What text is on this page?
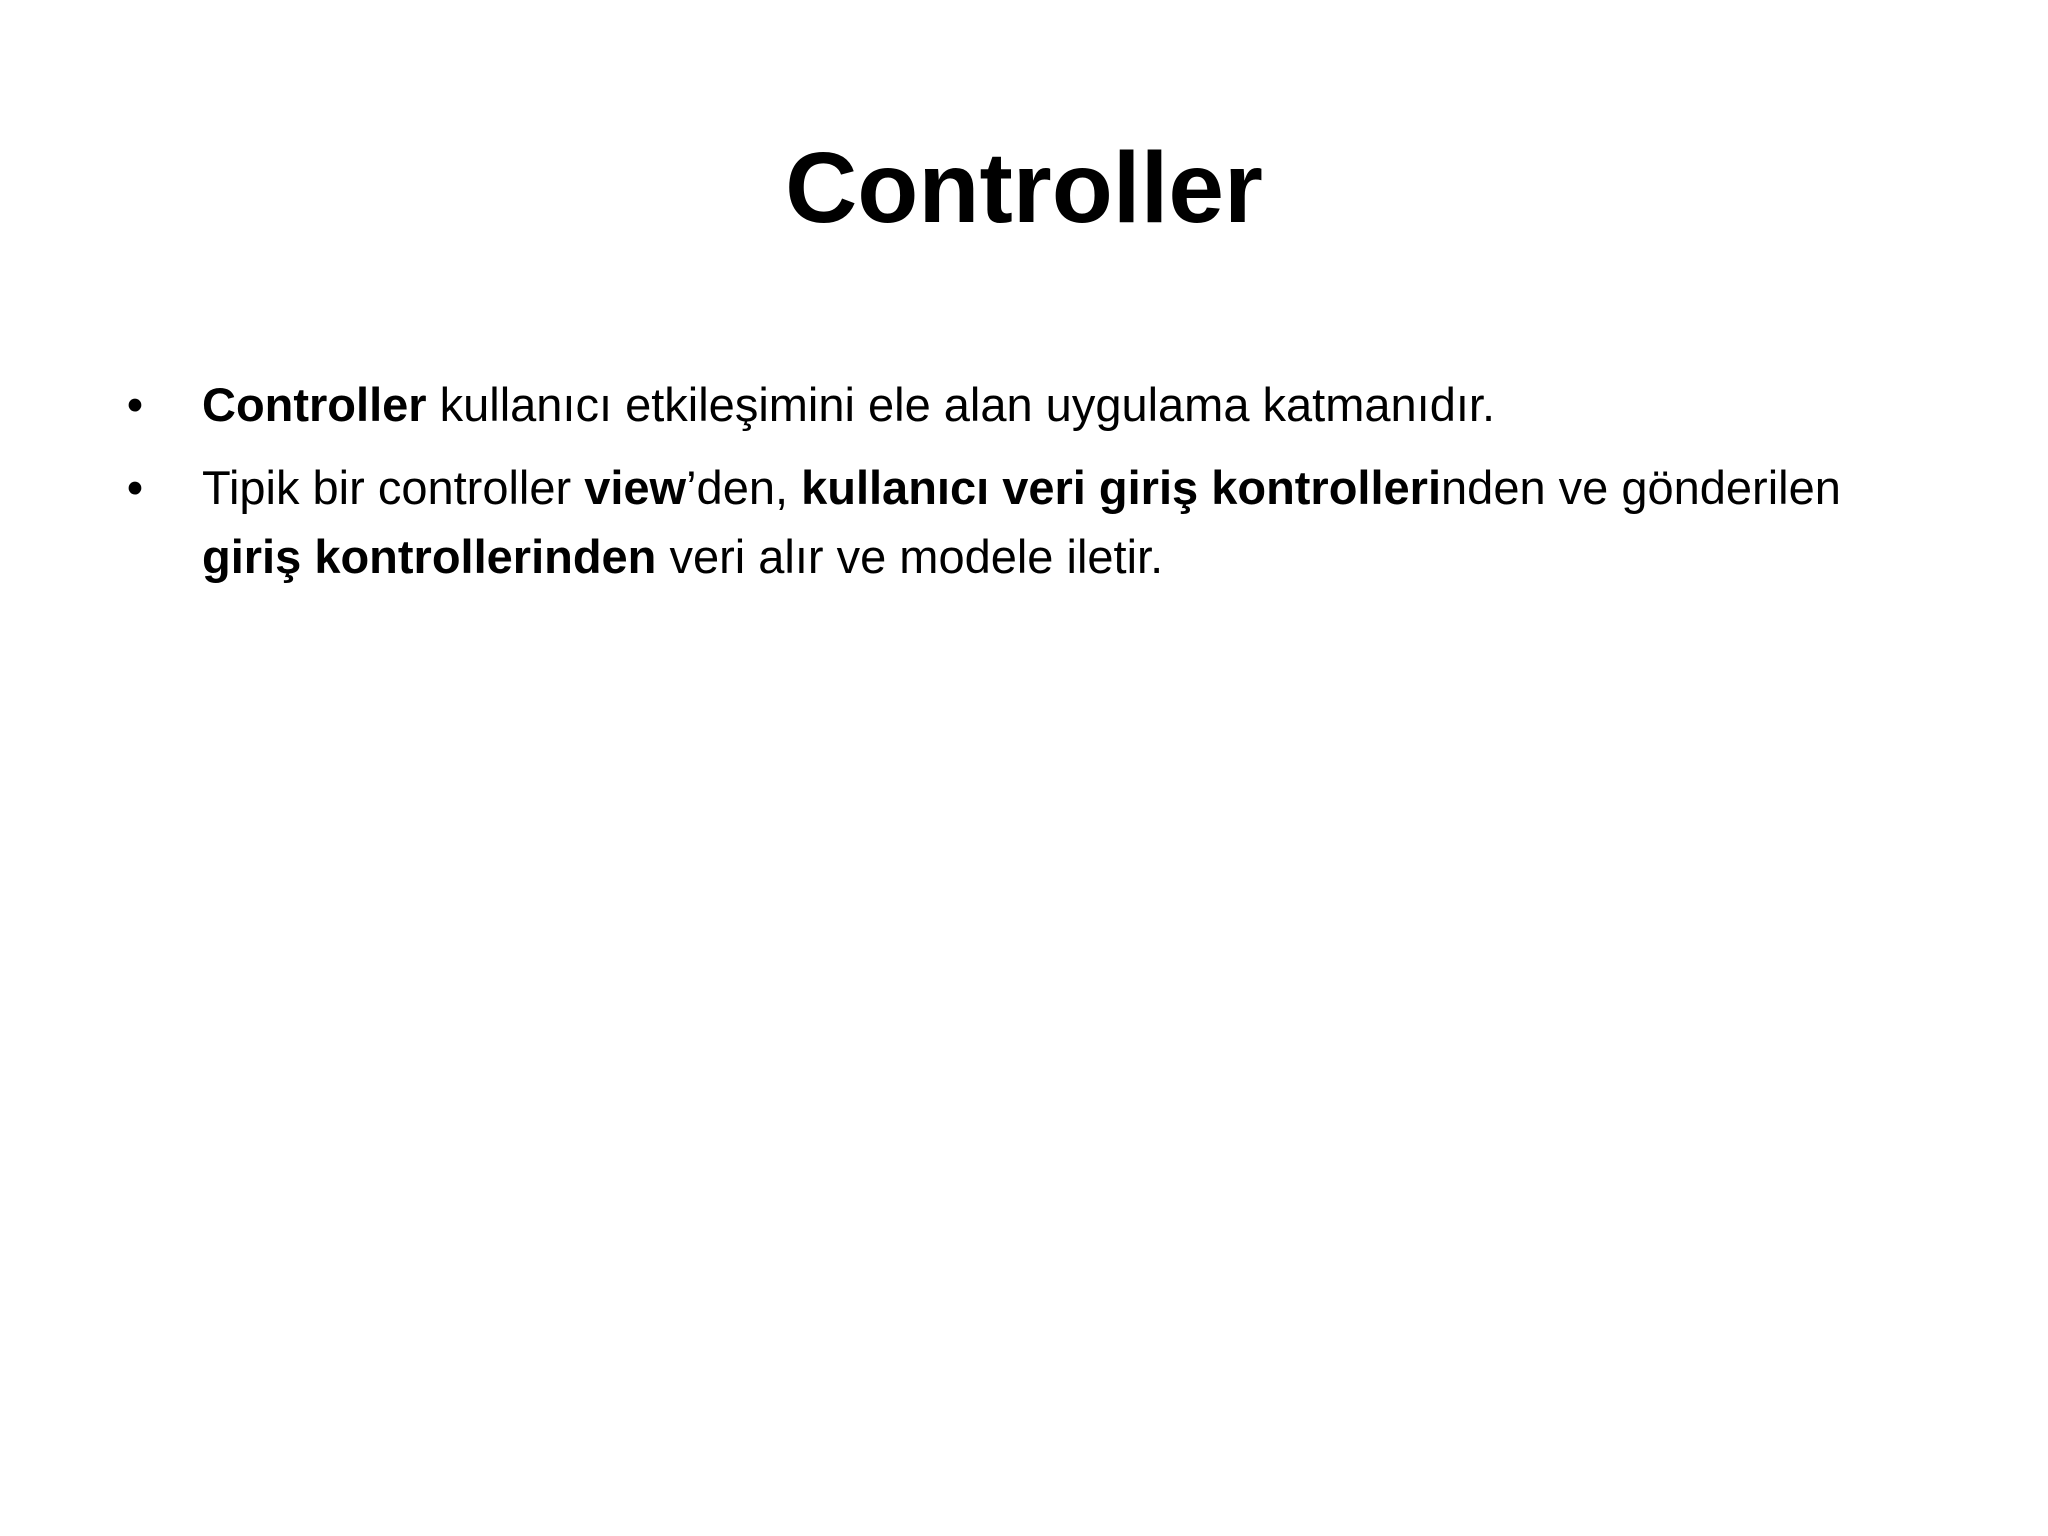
Controller
• Controller kullanıcı etkileşimini ele alan uygulama katmanıdır.
• Tipik bir controller view’den, kullanıcı veri giriş kontrollerinden ve gönderilen giriş kontrollerinden veri alır ve modele iletir.
